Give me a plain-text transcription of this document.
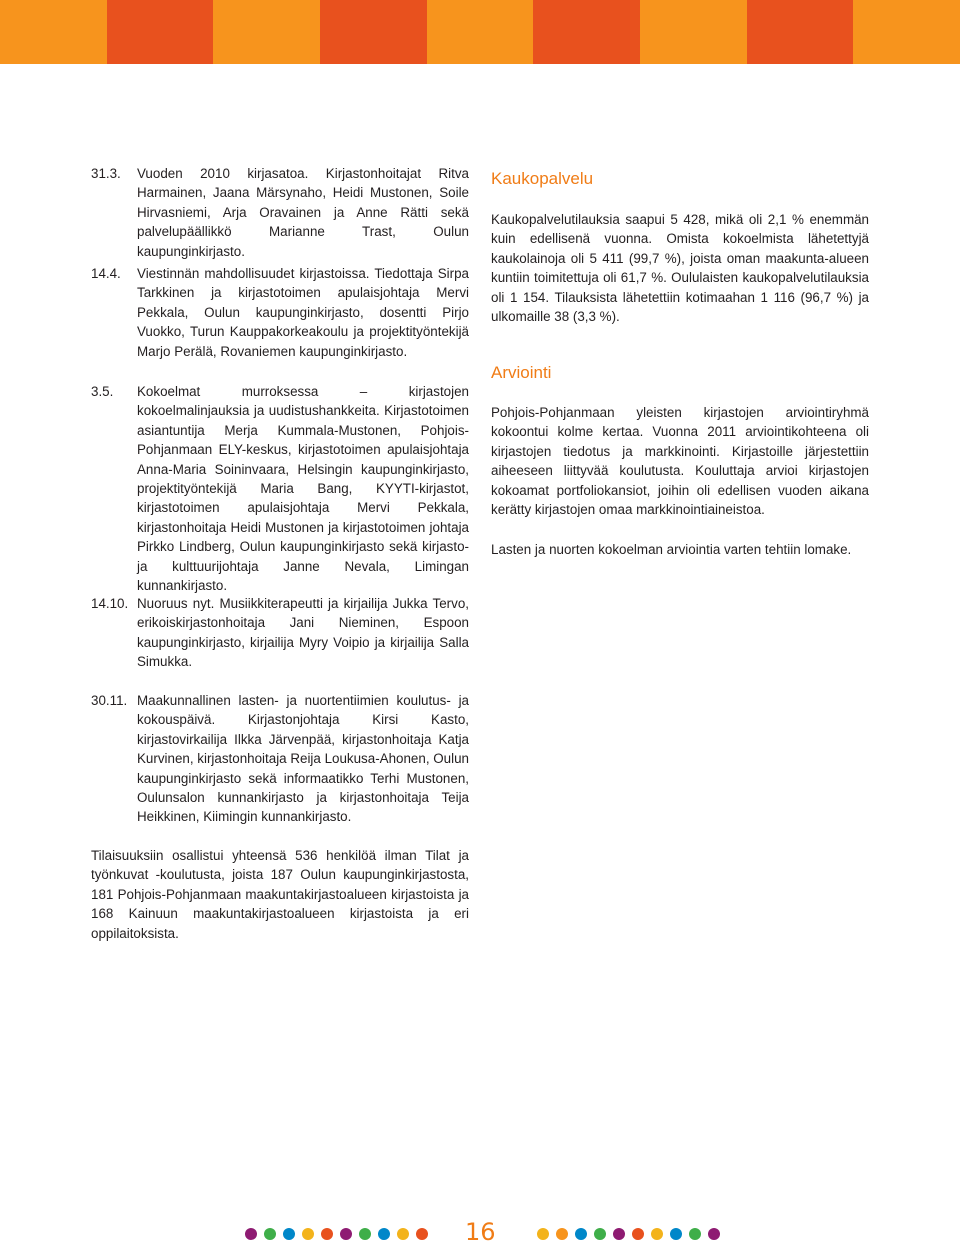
31.3. Vuoden 2010 kirjasatoa. Kirjastonhoitajat Ritva Harmainen, Jaana Märsynaho, Heidi Mustonen, Soile Hirvasniemi, Arja Oravainen ja Anne Rätti sekä palvelupäällikkö Marianne Trast, Oulun kaupunginkirjasto.
14.4. Viestinnän mahdollisuudet kirjastoissa. Tiedottaja Sirpa Tarkkinen ja kirjastotoimen apulaisjohtaja Mervi Pekkala, Oulun kaupunginkirjasto, dosentti Pirjo Vuokko, Turun Kauppakorkeakoulu ja projektityöntekijä Marjo Perälä, Rovaniemen kaupunginkirjasto.
3.5. Kokoelmat murroksessa – kirjastojen kokoelmalinjauksia ja uudistushankkeita. Kirjastotoimen asiantuntija Merja Kummala-Mustonen, Pohjois-Pohjanmaan ELY-keskus, kirjastotoimen apulaisjohtaja Anna-Maria Soininvaara, Helsingin kaupunginkirjasto, projektityöntekijä Maria Bang, KYYTI-kirjastot, kirjastotoimen apulaisjohtaja Mervi Pekkala, kirjastonhoitaja Heidi Mustonen ja kirjastotoimen johtaja Pirkko Lindberg, Oulun kaupunginkirjasto sekä kirjasto- ja kulttuurijohtaja Janne Nevala, Limingan kunnankirjasto.
14.10. Nuoruus nyt. Musiikkiterapeutti ja kirjailija Jukka Tervo, erikoiskirjastonhoitaja Jani Nieminen, Espoon kaupunginkirjasto, kirjailija Myry Voipio ja kirjailija Salla Simukka.
30.11. Maakunnallinen lasten- ja nuortentiimien koulutus- ja kokouspäivä. Kirjastonjohtaja Kirsi Kasto, kirjastovirkailija Ilkka Järvenpää, kirjastonhoitaja Katja Kurvinen, kirjastonhoitaja Reija Loukusa-Ahonen, Oulun kaupunginkirjasto sekä informaatikko Terhi Mustonen, Oulunsalon kunnankirjasto ja kirjastonhoitaja Teija Heikkinen, Kiimingin kunnankirjasto.
Tilaisuuksiin osallistui yhteensä 536 henkilöä ilman Tilat ja työnkuvat -koulutusta, joista 187 Oulun kaupunginkirjastosta, 181 Pohjois-Pohjanmaan maakuntakirjastoalueen kirjastoista ja 168 Kainuun maakuntakirjastoalueen kirjastoista ja eri oppilaitoksista.
Kaukopalvelu
Kaukopalvelutilauksia saapui 5 428, mikä oli 2,1 % enemmän kuin edellisenä vuonna. Omista kokoelmista lähetettyjä kaukolainoja oli 5 411 (99,7 %), joista oman maakunta-alueen kuntiin toimitettuja oli 61,7 %. Oululaisten kaukopalvelutilauksia oli 1 154. Tilauksista lähetettiin kotimaahan 1 116 (96,7 %) ja ulkomaille 38 (3,3 %).
Arviointi
Pohjois-Pohjanmaan yleisten kirjastojen arviointiryhmä kokoontui kolme kertaa. Vuonna 2011 arviointikohteena oli kirjastojen tiedotus ja markkinointi. Kirjastoille järjestettiin aiheeseen liittyvää koulutusta. Kouluttaja arvioi kirjastojen kokoamat portfoliokansiot, joihin oli edellisen vuoden aikana kerätty kirjastojen omaa markkinointiaineistoa.
Lasten ja nuorten kokoelman arviointia varten tehtiin lomake.
16
